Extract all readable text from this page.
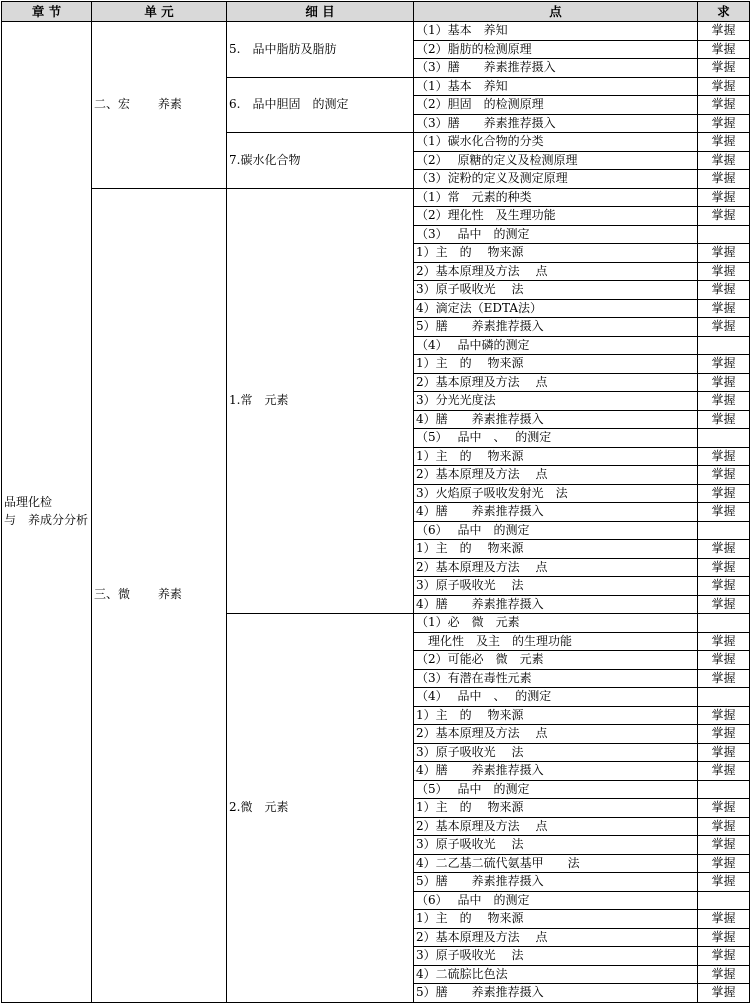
章 节	单 元	细 目	点	求

品理化检
与　养成分分析	二、宏　　 养素	5.　品中脂肪及脂肪	（1）基本　养知	掌握
			（2）脂肪的检测原理	掌握
			（3）膳　　养素推荐摄入	掌握
		6.　品中胆固　的测定	（1）基本　养知	掌握
			（2）胆固　的检测原理	掌握
			（3）膳　　养素推荐摄入	掌握
		7.碳水化合物	（1）碳水化合物的分类	掌握
			（2）　 原糖的定义及检测原理	掌握
			（3）淀粉的定义及测定原理	掌握
	三、微　　 养素	1.常　元素	（1）常　元素的种类	掌握
			（2）理化性　及生理功能	掌握
			（3）　 品中　的测定	
			1）主　的　 物来源	掌握
			2）基本原理及方法　 点	掌握
			3）原子吸收光　 法	掌握
			4）滴定法（EDTA法）	掌握
			5）膳　　养素推荐摄入	掌握
			（4）　 品中磷的测定	
			1）主　的　 物来源	掌握
			2）基本原理及方法　 点	掌握
			3）分光光度法	掌握
			4）膳　　养素推荐摄入	掌握
			（5）　 品中　、　 的测定	
			1）主　的　 物来源	掌握
			2）基本原理及方法　 点	掌握
			3）火焰原子吸收发射光　法	掌握
			4）膳　　养素推荐摄入	掌握
			（6）　 品中　的测定	
			1）主　的　 物来源	掌握
			2）基本原理及方法　 点	掌握
			3）原子吸收光　 法	掌握
			4）膳　　养素推荐摄入	掌握
		2.微　元素	（1）必　微　元素	
			　理化性　及主　的生理功能	掌握
			（2）可能必　微　元素	掌握
			（3）有潜在毒性元素	掌握
			（4）　 品中　、　 的测定	
			1）主　的　 物来源	掌握
			2）基本原理及方法　 点	掌握
			3）原子吸收光　 法	掌握
			4）膳　　养素推荐摄入	掌握
			（5）　 品中　的测定	
			1）主　的　 物来源	掌握
			2）基本原理及方法　 点	掌握
			3）原子吸收光　 法	掌握
			4）二乙基二硫代氨基甲　　法	掌握
			5）膳　　养素推荐摄入	掌握
			（6）　 品中　的测定	
			1）主　的　 物来源	掌握
			2）基本原理及方法　 点	掌握
			3）原子吸收光　 法	掌握
			4）二硫腙比色法	掌握
			5）膳　　养素推荐摄入	掌握
